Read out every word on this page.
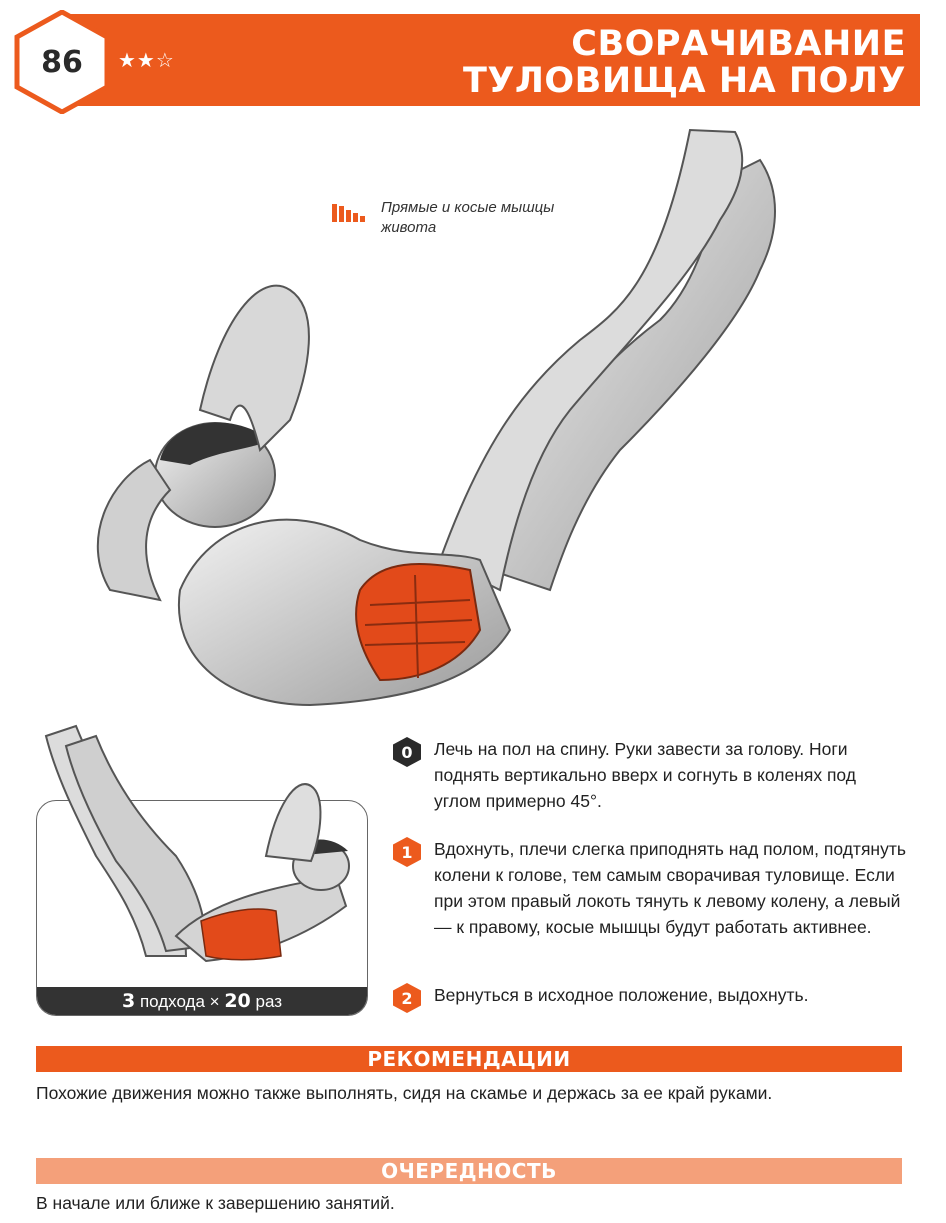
86	★★☆	СВОРАЧИВАНИЕ
ТУЛОВИЩА НА ПОЛУ
Прямые и косые мышцы
живота
3 подхода × 20 раз
0 Лечь на пол на спину. Руки завести за голову. Ноги поднять вертикально вверх и согнуть в коленях под углом примерно 45°.
1 Вдохнуть, плечи слегка приподнять над полом, подтянуть колени к голове, тем самым сворачивая туловище. Если при этом правый локоть тянуть к левому колену, а левый — к правому, косые мышцы будут работать активнее.
2 Вернуться в исходное положение, выдохнуть.
РЕКОМЕНДАЦИИ
Похожие движения можно также выполнять, сидя на скамье и держась за ее край руками.
ОЧЕРЕДНОСТЬ
В начале или ближе к завершению занятий.
